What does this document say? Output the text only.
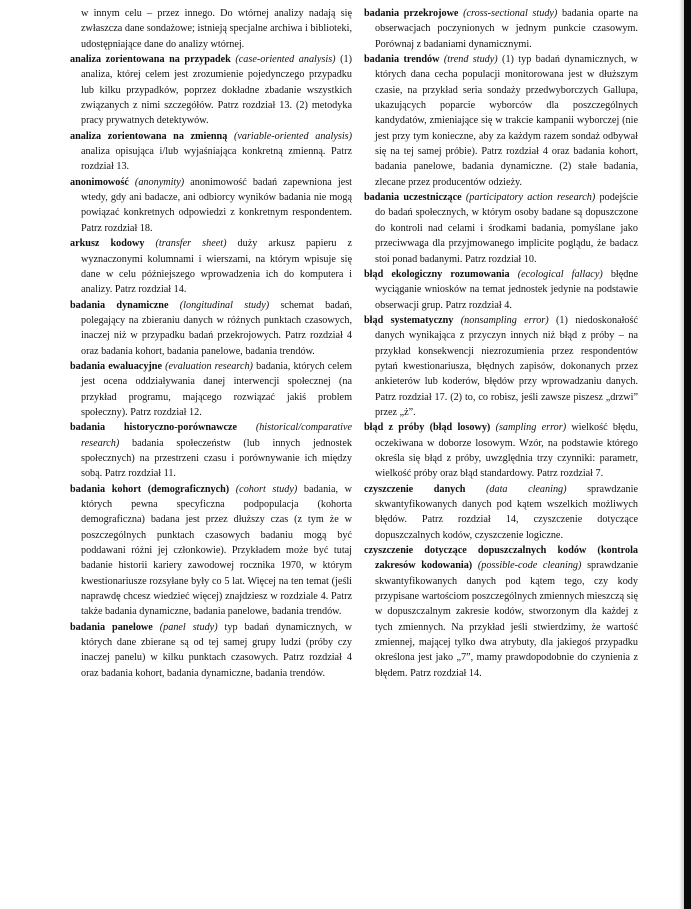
w innym celu – przez innego. Do wtórnej analizy nadają się zwłaszcza dane sondażowe; istnieją specjalne archiwa i biblioteki, udostępniające dane do analizy wtórnej.

analiza zorientowana na przypadek (case-oriented analysis) (1) analiza, której celem jest zrozumienie pojedynczego przypadku lub kilku przypadków, poprzez dokładne zbadanie wszystkich związanych z nimi szczegółów. Patrz rozdział 13. (2) metodyka pracy prywatnych detektywów.

analiza zorientowana na zmienną (variable-oriented analysis) analiza opisująca i/lub wyjaśniająca konkretną zmienną. Patrz rozdział 13.

anonimowość (anonymity) anonimowość badań zapewniona jest wtedy, gdy ani badacze, ani odbiorcy wyników badania nie mogą powiązać konkretnych odpowiedzi z konkretnym respondentem. Patrz rozdział 18.

arkusz kodowy (transfer sheet) duży arkusz papieru z wyznaczonymi kolumnami i wierszami, na którym wpisuje się dane w celu późniejszego wprowadzenia ich do komputera i analizy. Patrz rozdział 14.

badania dynamiczne (longitudinal study) schemat badań, polegający na zbieraniu danych w różnych punktach czasowych, inaczej niż w przypadku badań przekrojowych. Patrz rozdział 4 oraz badania kohort, badania panelowe, badania trendów.

badania ewaluacyjne (evaluation research) badania, których celem jest ocena oddziaływania danej interwencji społecznej (na przykład programu, mającego rozwiązać jakiś problem społeczny). Patrz rozdział 12.

badania historyczno-porównawcze (historical/comparative research) badania społeczeństw (lub innych jednostek społecznych) na przestrzeni czasu i porównywanie ich między sobą. Patrz rozdział 11.

badania kohort (demograficznych) (cohort study) badania, w których pewna specyficzna podpopulacja (kohorta demograficzna) badana jest przez dłuższy czas (z tym że w poszczególnych punktach czasowych badaniu mogą być poddawani różni jej członkowie). Przykładem może być tutaj badanie historii kariery zawodowej rocznika 1970, w którym kwestionariusze rozsyłane były co 5 lat. Więcej na ten temat (jeśli naprawdę chcesz wiedzieć więcej) znajdziesz w rozdziale 4. Patrz także badania dynamiczne, badania panelowe, badania trendów.

badania panelowe (panel study) typ badań dynamicznych, w których dane zbierane są od tej samej grupy ludzi (próby czy inaczej panelu) w kilku punktach czasowych. Patrz rozdział 4 oraz badania kohort, badania dynamiczne, badania trendów.

badania przekrojowe (cross-sectional study) badania oparte na obserwacjach poczynionych w jednym punkcie czasowym. Porównaj z badaniami dynamicznymi.

badania trendów (trend study) (1) typ badań dynamicznych, w których dana cecha populacji monitorowana jest w dłuższym czasie, na przykład seria sondaży przedwyborczych Gallupa, ukazujących poparcie wyborców dla poszczególnych kandydatów, zmieniające się w trakcie kampanii wyborczej (nie jest przy tym konieczne, aby za każdym razem sondaż odbywał się na tej samej próbie). Patrz rozdział 4 oraz badania kohort, badania panelowe, badania dynamiczne. (2) stałe badania, zlecane przez producentów odzieży.

badania uczestniczące (participatory action research) podejście do badań społecznych, w którym osoby badane są dopuszczone do kontroli nad celami i środkami badania, pomyślane jako przeciwwaga dla przyjmowanego implicite poglądu, że badacz stoi ponad badanymi. Patrz rozdział 10.

błąd ekologiczny rozumowania (ecological fallacy) błędne wyciąganie wniosków na temat jednostek jedynie na podstawie obserwacji grup. Patrz rozdział 4.

błąd systematyczny (nonsampling error) (1) niedoskonałość danych wynikająca z przyczyn innych niż błąd z próby – na przykład konsekwencji niezrozumienia przez respondentów pytań kwestionariusza, błędnych zapisów, dokonanych przez ankieterów lub koderów, błędów przy wprowadzaniu danych. Patrz rozdział 17. (2) to, co robisz, jeśli zawsze piszesz „drzwi” przez „ż”.

błąd z próby (błąd losowy) (sampling error) wielkość błędu, oczekiwana w doborze losowym. Wzór, na podstawie którego określa się błąd z próby, uwzględnia trzy czynniki: parametr, wielkość próby oraz błąd standardowy. Patrz rozdział 7.

czyszczenie danych (data cleaning) sprawdzanie skwantyfikowanych danych pod kątem wszelkich możliwych błędów. Patrz rozdział 14, czyszczenie dotyczące dopuszczalnych kodów, czyszczenie logiczne.

czyszczenie dotyczące dopuszczalnych kodów (kontrola zakresów kodowania) (possible-code cleaning) sprawdzanie skwantyfikowanych danych pod kątem tego, czy kody przypisane wartościom poszczególnych zmiennych mieszczą się w dopuszczalnym zakresie kodów, stworzonym dla każdej z tych zmiennych. Na przykład jeśli stwierdzimy, że wartość zmiennej, mającej tylko dwa atrybuty, dla jakiegoś przypadku określona jest jako „7”, mamy prawdopodobnie do czynienia z błędem. Patrz rozdział 14.
